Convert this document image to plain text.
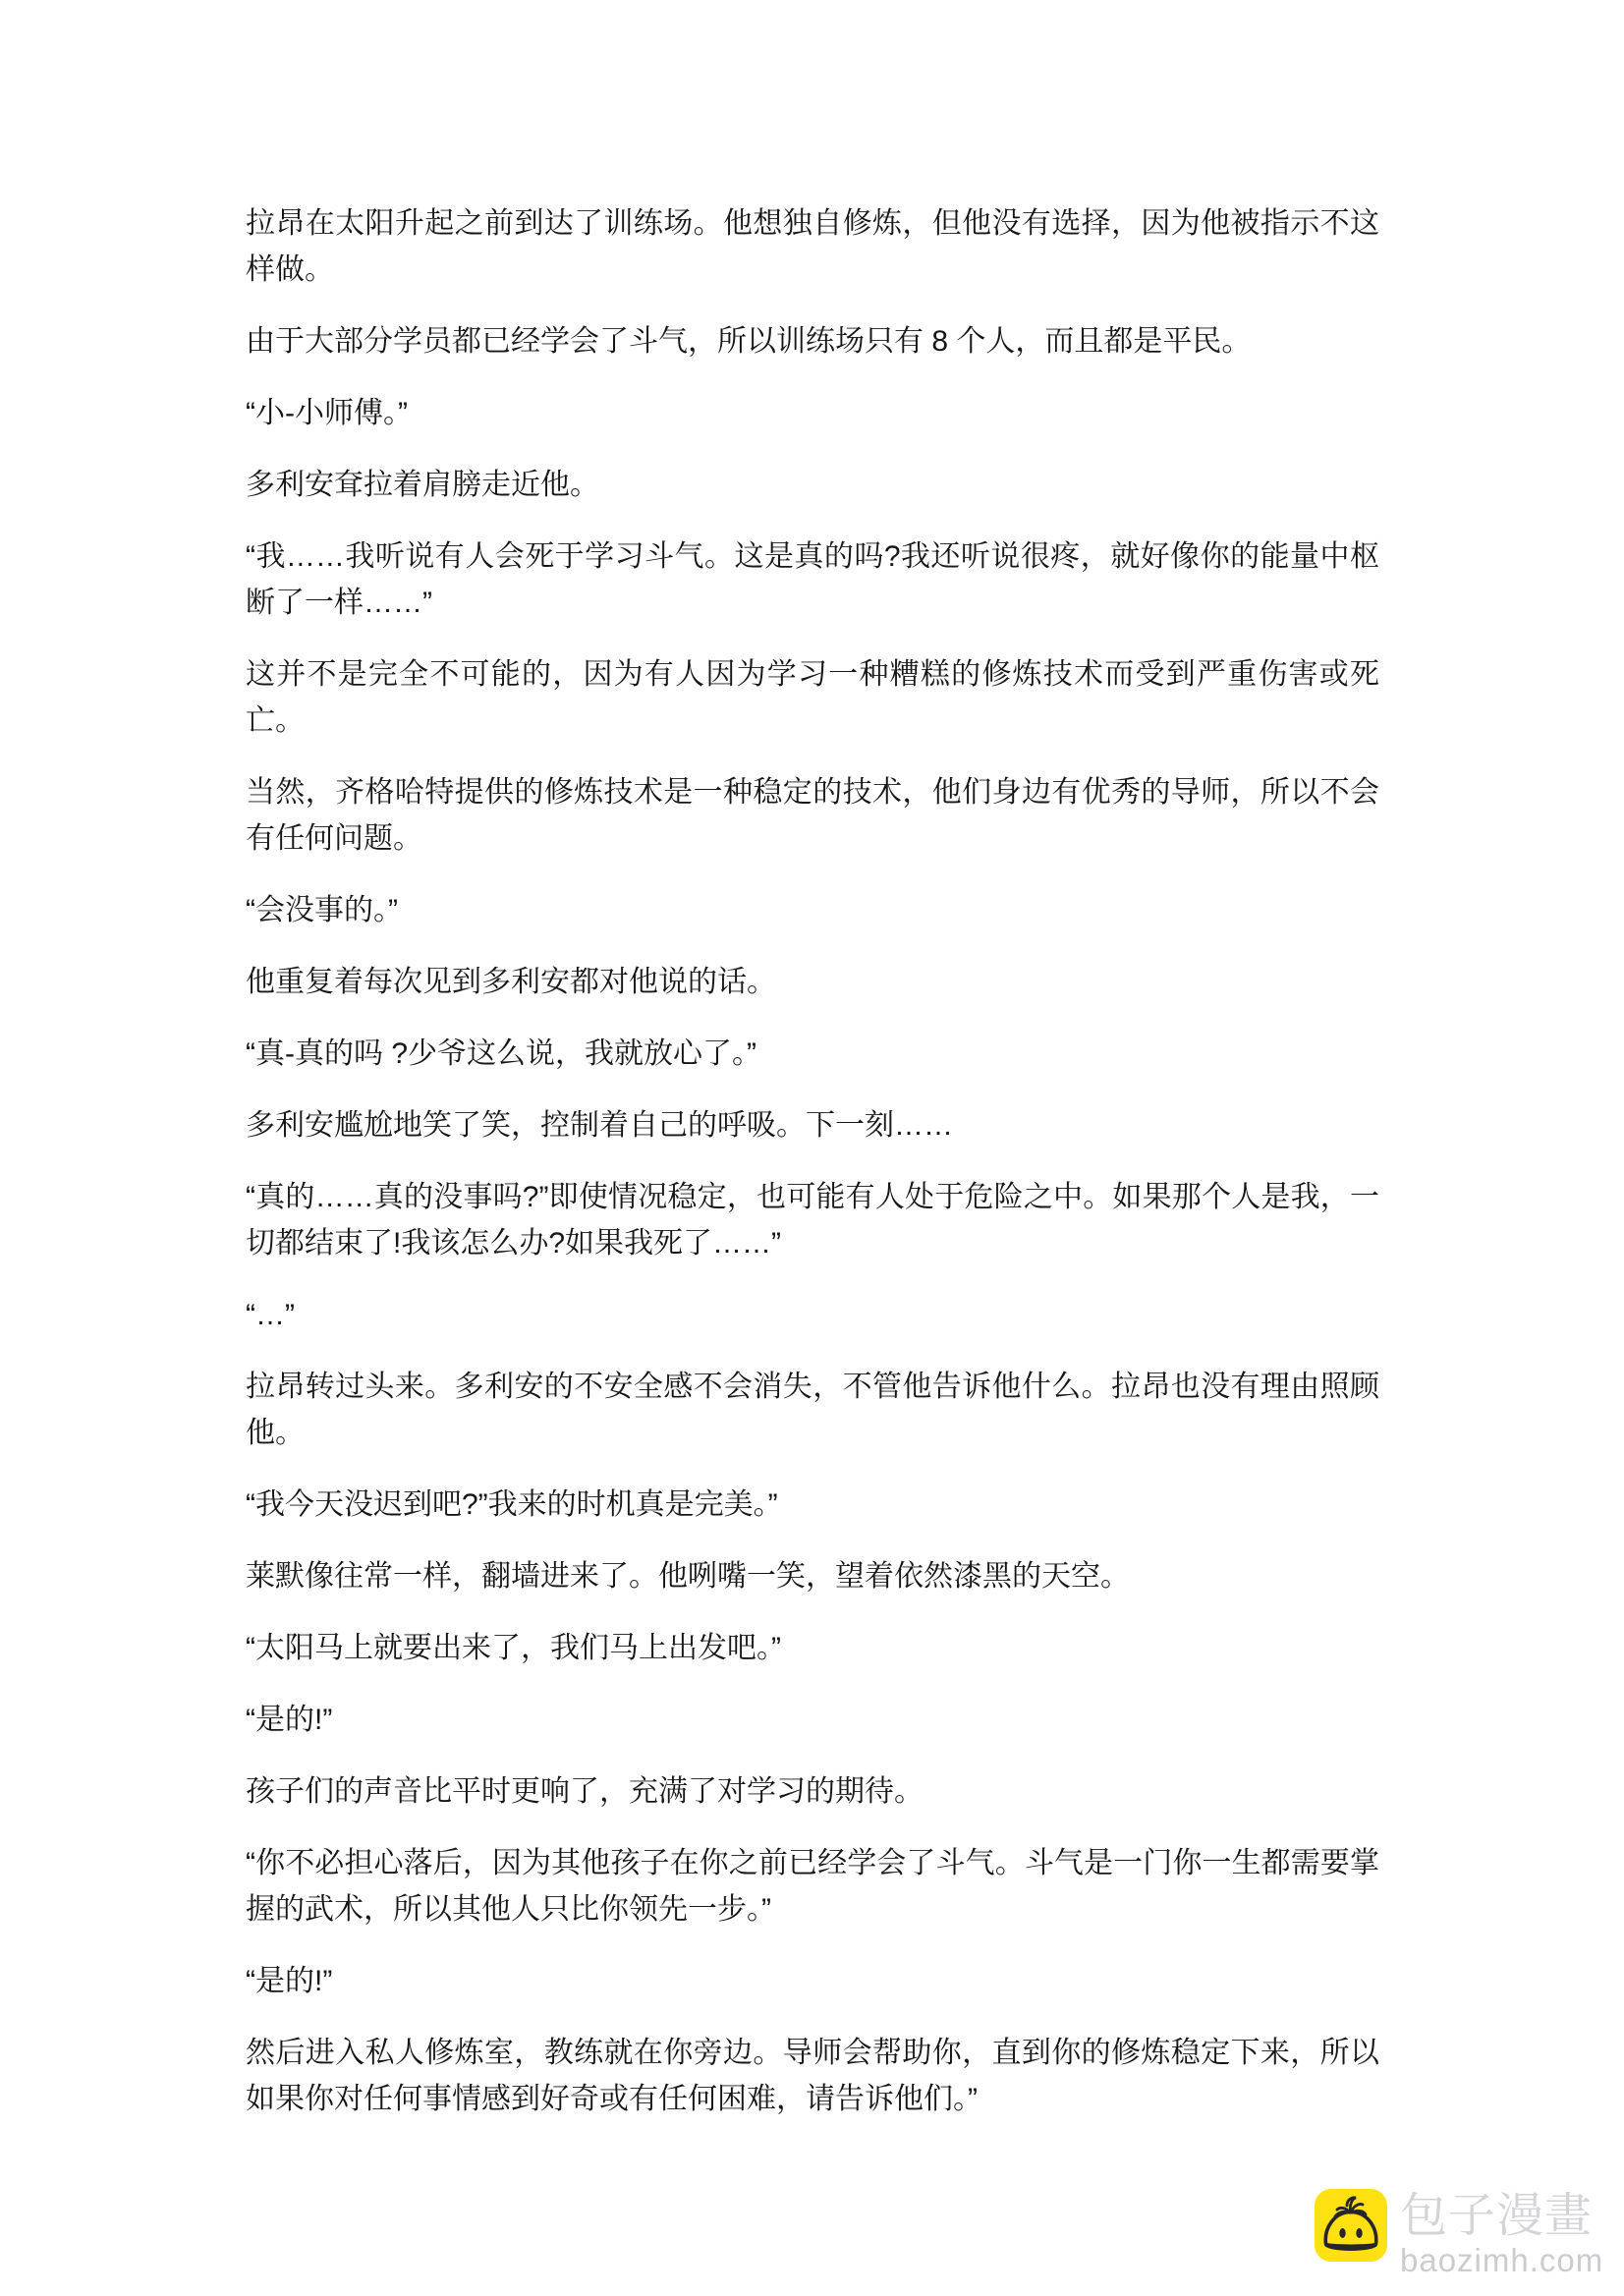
拉昂在太阳升起之前到达了训练场。他想独自修炼，但他没有选择，因为他被指示不这样做。

由于大部分学员都已经学会了斗气，所以训练场只有 8 个人，而且都是平民。

“小-小师傅。”

多利安耷拉着肩膀走近他。

“我……我听说有人会死于学习斗气。这是真的吗?我还听说很疼，就好像你的能量中枢断了一样……”

这并不是完全不可能的，因为有人因为学习一种糟糕的修炼技术而受到严重伤害或死亡。

当然，齐格哈特提供的修炼技术是一种稳定的技术，他们身边有优秀的导师，所以不会有任何问题。

“会没事的。”

他重复着每次见到多利安都对他说的话。

“真-真的吗 ?少爷这么说，我就放心了。”

多利安尴尬地笑了笑，控制着自己的呼吸。下一刻……

“真的……真的没事吗?”即使情况稳定，也可能有人处于危险之中。如果那个人是我，一切都结束了!我该怎么办?如果我死了……”

“…”

拉昂转过头来。多利安的不安全感不会消失，不管他告诉他什么。拉昂也没有理由照顾他。

“我今天没迟到吧?”我来的时机真是完美。”

莱默像往常一样，翻墙进来了。他咧嘴一笑，望着依然漆黑的天空。

“太阳马上就要出来了，我们马上出发吧。”

“是的!”

孩子们的声音比平时更响了，充满了对学习的期待。

“你不必担心落后，因为其他孩子在你之前已经学会了斗气。斗气是一门你一生都需要掌握的武术，所以其他人只比你领先一步。”

“是的!”

然后进入私人修炼室，教练就在你旁边。导师会帮助你，直到你的修炼稳定下来，所以如果你对任何事情感到好奇或有任何困难，请告诉他们。”

包子漫畫
baozimh.com
